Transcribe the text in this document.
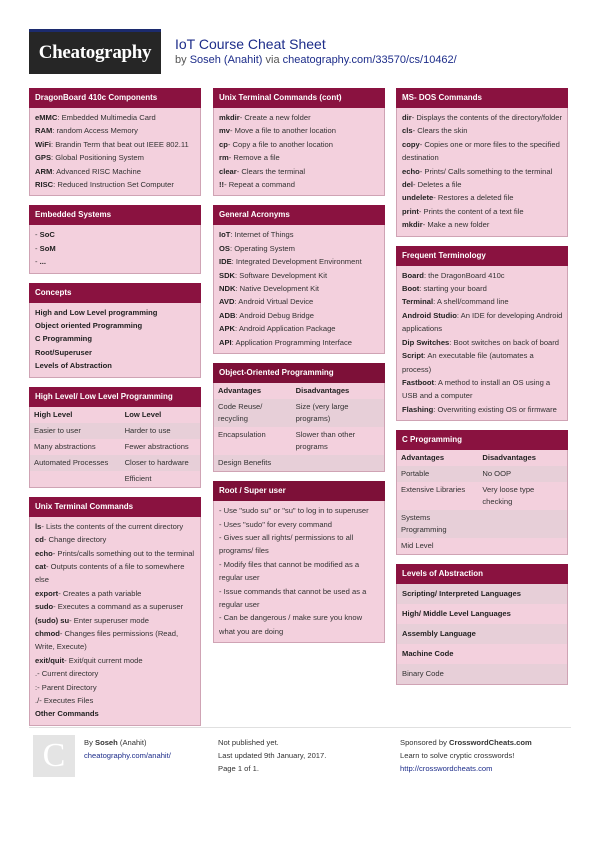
Cheatography	IoT Course Cheat Sheet
by Soseh (Anahit) via cheatography.com/33570/cs/10462/
DragonBoard 410c Components
eMMC: Embedded Multimedia Card
RAM: random Access Memory
WiFi: Brandin Term that beat out IEEE 802.11
GPS: Global Positioning System
ARM: Advanced RISC Machine
RISC: Reduced Instruction Set Computer
Embedded Systems
- SoC
- SoM
- ...
Concepts
High and Low Level programming
Object oriented Programming
C Programming
Root/Superuser
Levels of Abstraction
High Level/ Low Level Programming
High Level	Low Level
Easier to user	Harder to use
Many abstractions	Fewer abstractions
Automated Processes	Closer to hardware
	Efficient
Unix Terminal Commands
ls- Lists the contents of the current directory
cd- Change directory
echo- Prints/calls something out to the terminal
cat- Outputs contents of a file to somewhere else
export- Creates a path variable
sudo- Executes a command as a superuser
(sudo) su- Enter superuser mode
chmod- Changes files permissions (Read, Write, Execute)
exit/quit- Exit/quit current mode
.- Current directory
:- Parent Directory
./- Executes Files
Other Commands
Unix Terminal Commands (cont)
mkdir- Create a new folder
mv- Move a file to another location
cp- Copy a file to another location
rm- Remove a file
clear- Clears the terminal
!!- Repeat a command
General Acronyms
IoT: Internet of Things
OS: Operating System
IDE: Integrated Development Environment
SDK: Software Development Kit
NDK: Native Development Kit
AVD: Android Virtual Device
ADB: Android Debug Bridge
APK: Android Application Package
API: Application Programming Interface
Object-Oriented Programming
Advantages	Disadvantages
Code Reuse/ recycling	Size (very large programs)
Encapsulation	Slower than other programs
Design Benefits	
Root / Super user
- Use "sudo su" or "su" to log in to superuser
- Uses "sudo" for every command
- Gives suer all rights/ permissions to all programs/ files
- Modify files that cannot be modified as a regular user
- Issue commands that cannot be used as a regular user
- Can be dangerous / make sure you know what you are doing
MS- DOS Commands
dir- Displays the contents of the directory/folder
cls- Clears the skin
copy- Copies one or more files to the specified destination
echo- Prints/ Calls something to the terminal
del- Deletes a file
undelete- Restores a deleted file
print- Prints the content of a text file
mkdir- Make a new folder
Frequent Terminology
Board: the DragonBoard 410c
Boot: starting your board
Terminal: A shell/command line
Android Studio: An IDE for developing Android applications
Dip Switches: Boot switches on back of board
Script: An executable file (automates a process)
Fastboot: A method to install an OS using a USB and a computer
Flashing: Overwriting existing OS or firmware
C Programming
Advantages	Disadvantages
Portable	No OOP
Extensive Libraries	Very loose type checking
Systems Programming	
Mid Level	
Levels of Abstraction
Scripting/ Interpreted Languages
High/ Middle Level Languages
Assembly Language
Machine Code
Binary Code
C	By Soseh (Anahit)
cheatography.com/anahit/
Not published yet.
Last updated 9th January, 2017.
Page 1 of 1.
Sponsored by CrosswordCheats.com
Learn to solve cryptic crosswords!
http://crosswordcheats.com
